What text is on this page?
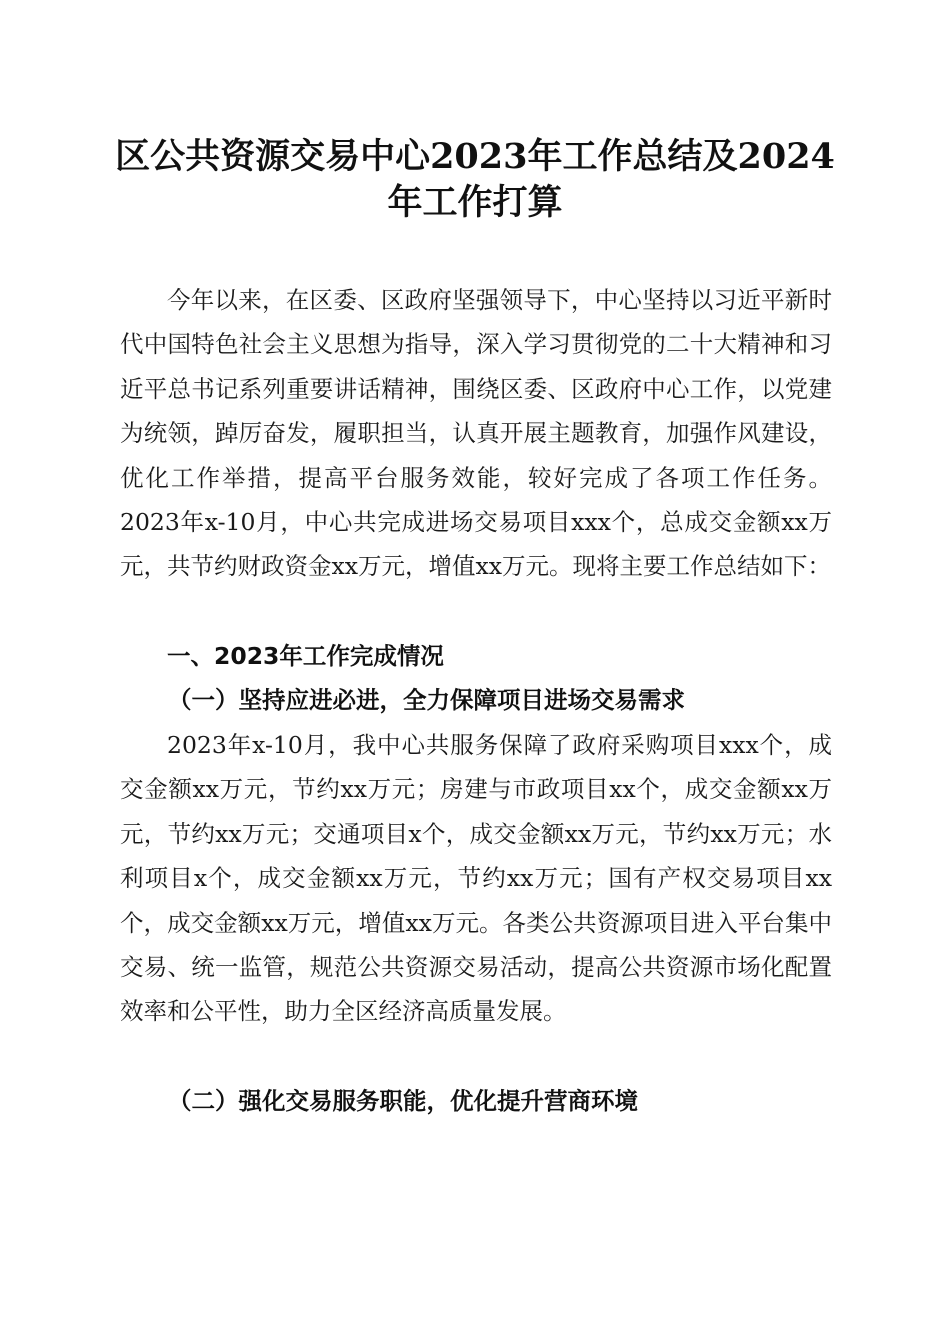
区公共资源交易中心2023年工作总结及2024年工作打算

今年以来，在区委、区政府坚强领导下，中心坚持以习近平新时代中国特色社会主义思想为指导，深入学习贯彻党的二十大精神和习近平总书记系列重要讲话精神，围绕区委、区政府中心工作，以党建为统领，踔厉奋发，履职担当，认真开展主题教育，加强作风建设，优化工作举措，提高平台服务效能，较好完成了各项工作任务。2023年x-10月，中心共完成进场交易项目xxx个，总成交金额xx万元，共节约财政资金xx万元，增值xx万元。现将主要工作总结如下：

一、2023年工作完成情况
（一）坚持应进必进，全力保障项目进场交易需求

2023年x-10月，我中心共服务保障了政府采购项目xxx个，成交金额xx万元，节约xx万元；房建与市政项目xx个，成交金额xx万元，节约xx万元；交通项目x个，成交金额xx万元，节约xx万元；水利项目x个，成交金额xx万元，节约xx万元；国有产权交易项目xx个，成交金额xx万元，增值xx万元。各类公共资源项目进入平台集中交易、统一监管，规范公共资源交易活动，提高公共资源市场化配置效率和公平性，助力全区经济高质量发展。

（二）强化交易服务职能，优化提升营商环境
